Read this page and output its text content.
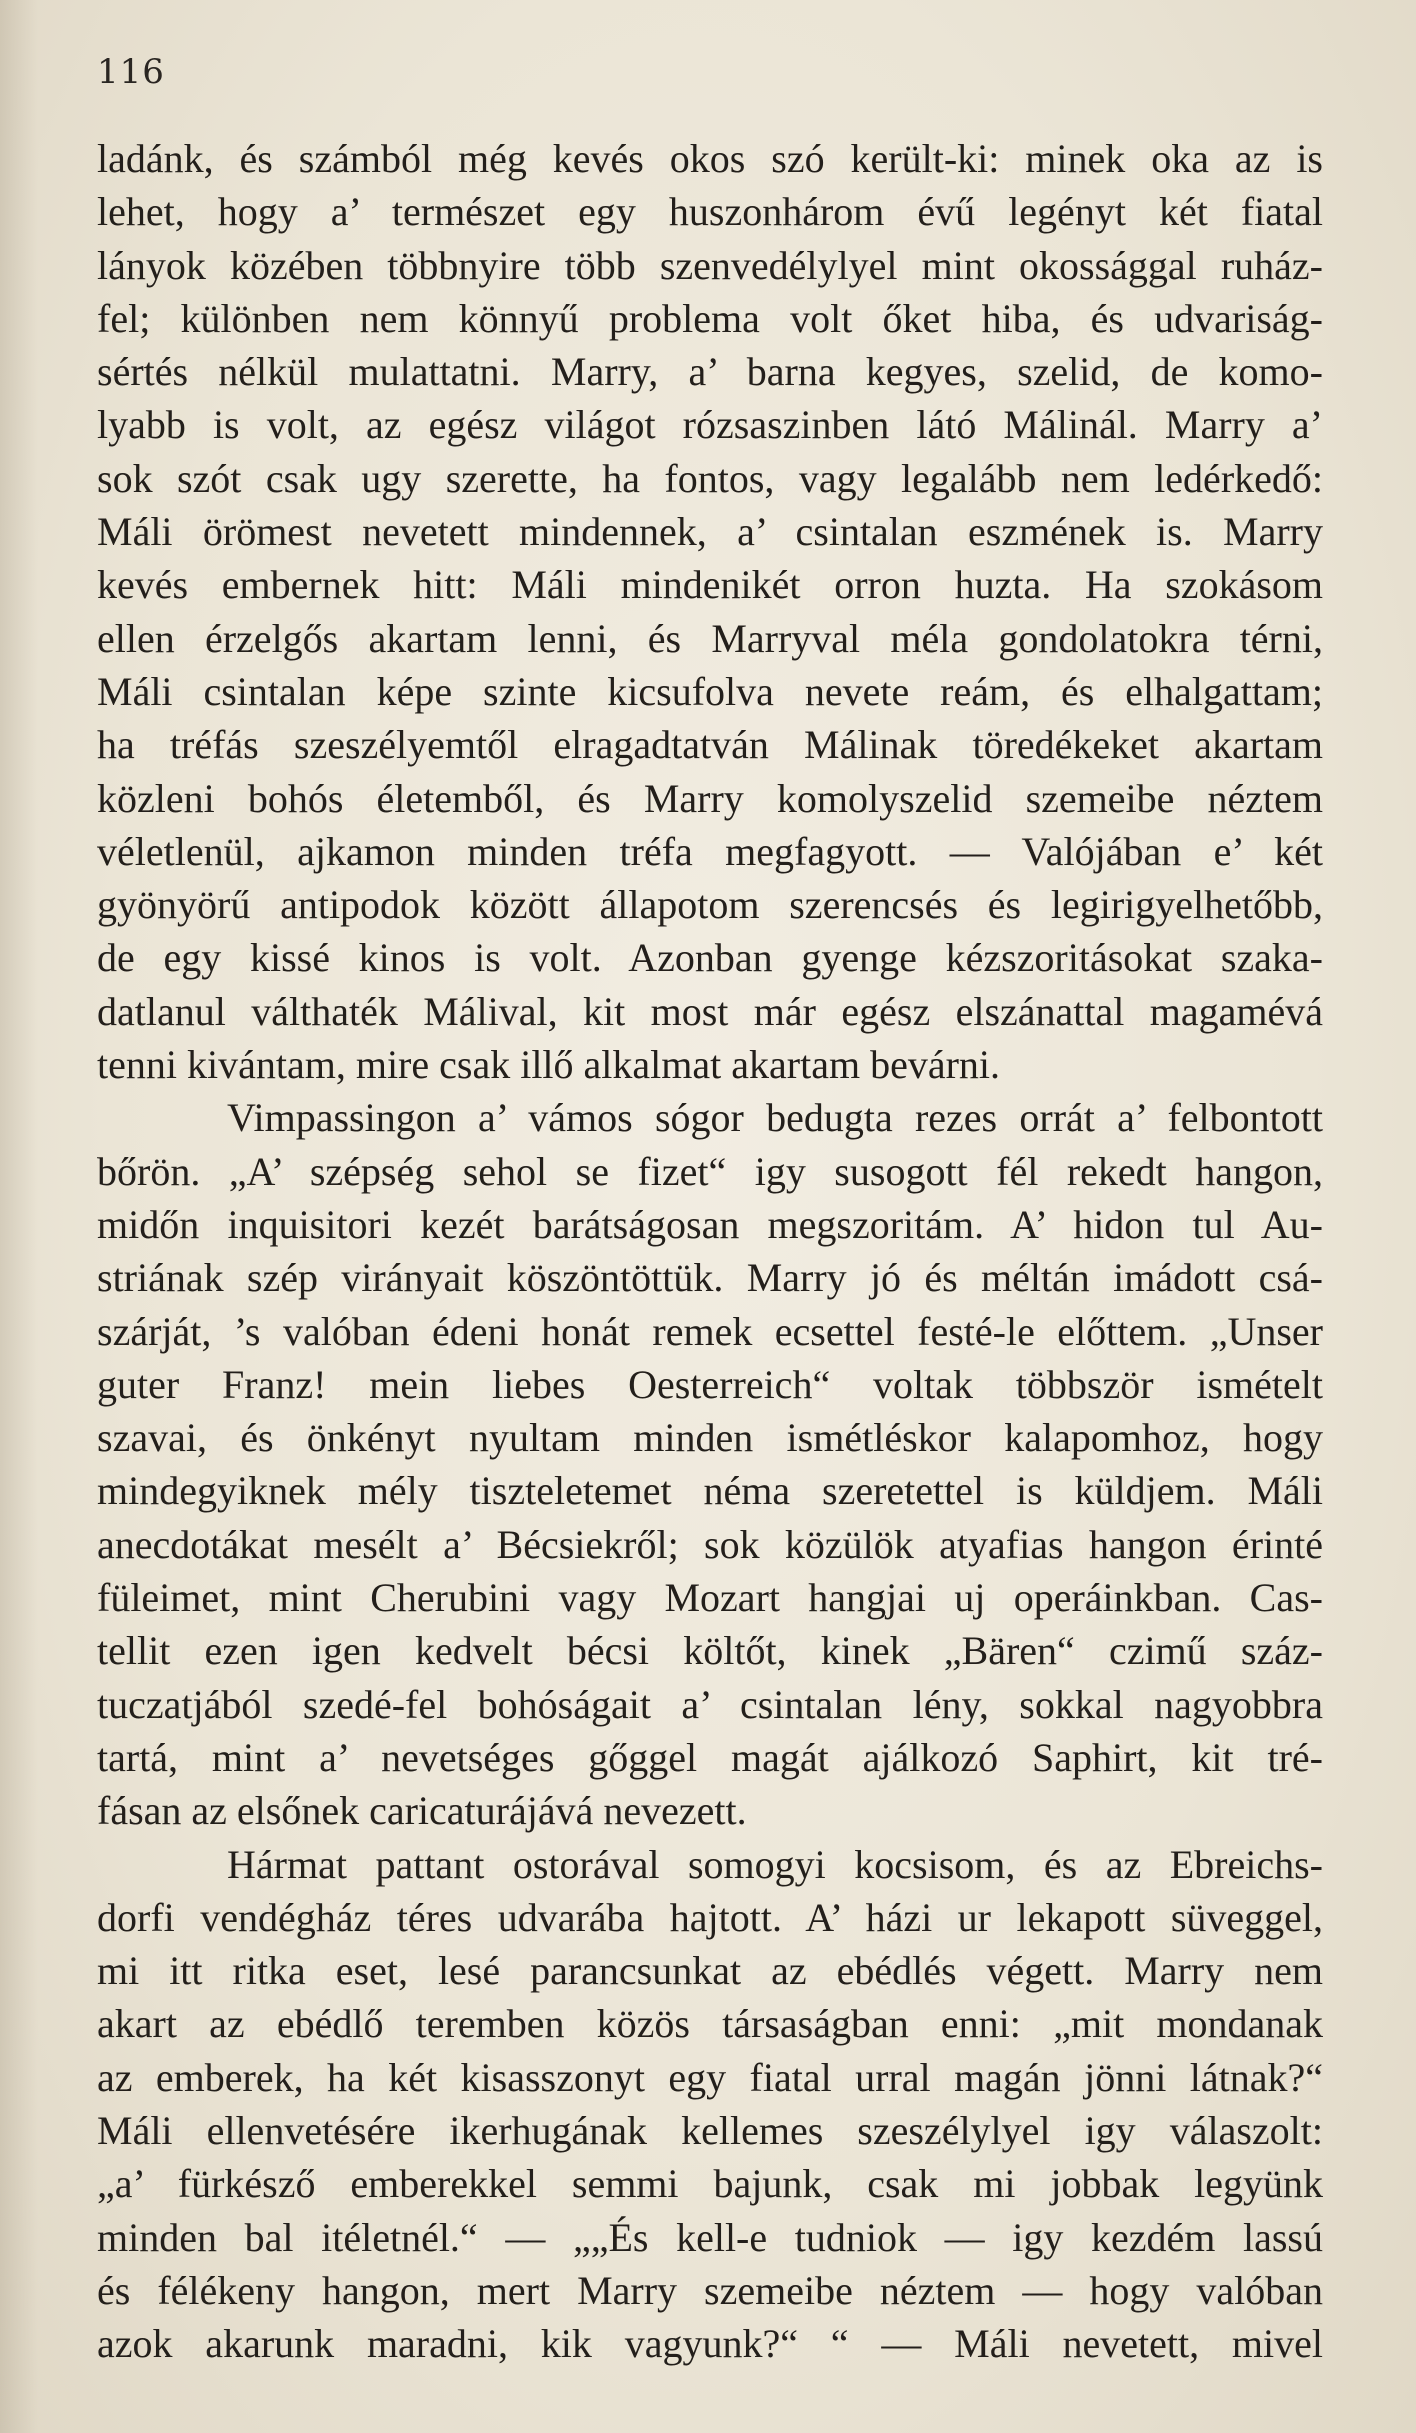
116
ladánk, és számból még kevés okos szó került-ki: minek oka az is
lehet, hogy a’ természet egy huszonhárom évű legényt két fiatal
lányok közében többnyire több szenvedélylyel mint okossággal ruház-
fel; különben nem könnyű problema volt őket hiba, és udvariság-
sértés nélkül mulattatni. Marry, a’ barna kegyes, szelid, de komo-
lyabb is volt, az egész világot rózsaszinben látó Málinál. Marry a’
sok szót csak ugy szerette, ha fontos, vagy legalább nem ledérkedő:
Máli örömest nevetett mindennek, a’ csintalan eszmének is. Marry
kevés embernek hitt: Máli mindenikét orron huzta. Ha szokásom
ellen érzelgős akartam lenni, és Marryval méla gondolatokra térni,
Máli csintalan képe szinte kicsufolva nevete reám, és elhalgattam;
ha tréfás szeszélyemtől elragadtatván Málinak töredékeket akartam
közleni bohós életemből, és Marry komolyszelid szemeibe néztem
véletlenül, ajkamon minden tréfa megfagyott. — Valójában e’ két
gyönyörű antipodok között állapotom szerencsés és legirigyelhetőbb,
de egy kissé kinos is volt. Azonban gyenge kézszoritásokat szaka-
datlanul válthaték Málival, kit most már egész elszánattal magamévá
tenni kivántam, mire csak illő alkalmat akartam bevárni.
Vimpassingon a’ vámos sógor bedugta rezes orrát a’ felbontott
bőrön. „A’ szépség sehol se fizet“ igy susogott fél rekedt hangon,
midőn inquisitori kezét barátságosan megszoritám. A’ hidon tul Au-
striának szép virányait köszöntöttük. Marry jó és méltán imádott csá-
szárját, ’s valóban édeni honát remek ecsettel festé-le előttem. „Unser
guter Franz! mein liebes Oesterreich“ voltak többször ismételt
szavai, és önkényt nyultam minden ismétléskor kalapomhoz, hogy
mindegyiknek mély tiszteletemet néma szeretettel is küldjem. Máli
anecdotákat mesélt a’ Bécsiekről; sok közülök atyafias hangon érinté
füleimet, mint Cherubini vagy Mozart hangjai uj operáinkban. Cas-
tellit ezen igen kedvelt bécsi költőt, kinek „Bären“ czimű száz-
tuczatjából szedé-fel bohóságait a’ csintalan lény, sokkal nagyobbra
tartá, mint a’ nevetséges gőggel magát ajálkozó Saphirt, kit tré-
fásan az elsőnek caricaturájává nevezett.
Hármat pattant ostorával somogyi kocsisom, és az Ebreichs-
dorfi vendégház téres udvarába hajtott. A’ házi ur lekapott süveggel,
mi itt ritka eset, lesé parancsunkat az ebédlés végett. Marry nem
akart az ebédlő teremben közös társaságban enni: „mit mondanak
az emberek, ha két kisasszonyt egy fiatal urral magán jönni látnak?“
Máli ellenvetésére ikerhugának kellemes szeszélylyel igy válaszolt:
„a’ fürkésző emberekkel semmi bajunk, csak mi jobbak legyünk
minden bal itéletnél.“ — „„És kell-e tudniok — igy kezdém lassú
és félékeny hangon, mert Marry szemeibe néztem — hogy valóban
azok akarunk maradni, kik vagyunk?“ “ — Máli nevetett, mivel
